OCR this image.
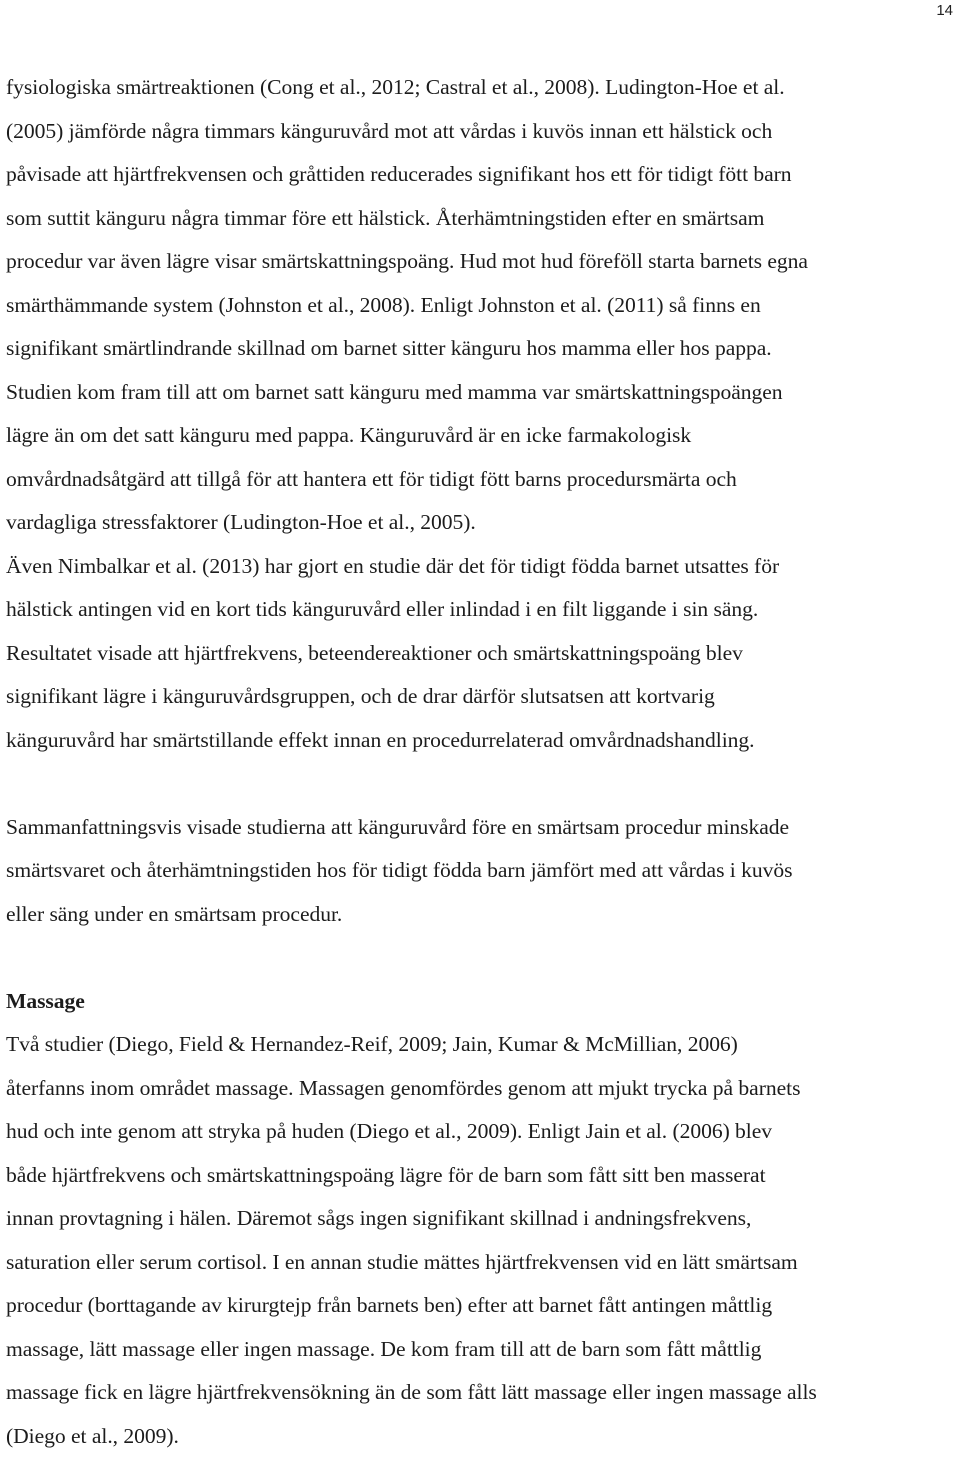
14
fysiologiska smärtreaktionen (Cong et al., 2012; Castral et al., 2008). Ludington-Hoe et al.
(2005) jämförde några timmars känguruvård mot att vårdas i kuvös innan ett hälstick och
påvisade att hjärtfrekvensen och gråttiden reducerades signifikant hos ett för tidigt fött barn
som suttit känguru några timmar före ett hälstick. Återhämtningstiden efter en smärtsam
procedur var även lägre visar smärtskattningspoäng. Hud mot hud föreföll starta barnets egna
smärthämmande system (Johnston et al., 2008). Enligt Johnston et al. (2011) så finns en
signifikant smärtlindrande skillnad om barnet sitter känguru hos mamma eller hos pappa.
Studien kom fram till att om barnet satt känguru med mamma var smärtskattningspoängen
lägre än om det satt känguru med pappa. Känguruvård är en icke farmakologisk
omvårdnadsåtgärd att tillgå för att hantera ett för tidigt fött barns procedursmärta och
vardagliga stressfaktorer (Ludington-Hoe et al., 2005).
Även Nimbalkar et al. (2013) har gjort en studie där det för tidigt födda barnet utsattes för
hälstick antingen vid en kort tids känguruvård eller inlindad i en filt liggande i sin säng.
Resultatet visade att hjärtfrekvens, beteendereaktioner och smärtskattningspoäng blev
signifikant lägre i känguruvårdsgruppen, och de drar därför slutsatsen att kortvarig
känguruvård har smärtstillande effekt innan en procedurrelaterad omvårdnadshandling.
Sammanfattningsvis visade studierna att känguruvård före en smärtsam procedur minskade
smärtsvaret och återhämtningstiden hos för tidigt födda barn jämfört med att vårdas i kuvös
eller säng under en smärtsam procedur.
Massage
Två studier (Diego, Field & Hernandez-Reif, 2009; Jain, Kumar & McMillian, 2006)
återfanns inom området massage. Massagen genomfördes genom att mjukt trycka på barnets
hud och inte genom att stryka på huden (Diego et al., 2009). Enligt Jain et al. (2006) blev
både hjärtfrekvens och smärtskattningspoäng lägre för de barn som fått sitt ben masserat
innan provtagning i hälen. Däremot sågs ingen signifikant skillnad i andningsfrekvens,
saturation eller serum cortisol. I en annan studie mättes hjärtfrekvensen vid en lätt smärtsam
procedur (borttagande av kirurgtejp från barnets ben) efter att barnet fått antingen måttlig
massage, lätt massage eller ingen massage. De kom fram till att de barn som fått måttlig
massage fick en lägre hjärtfrekvensökning än de som fått lätt massage eller ingen massage alls
(Diego et al., 2009).
